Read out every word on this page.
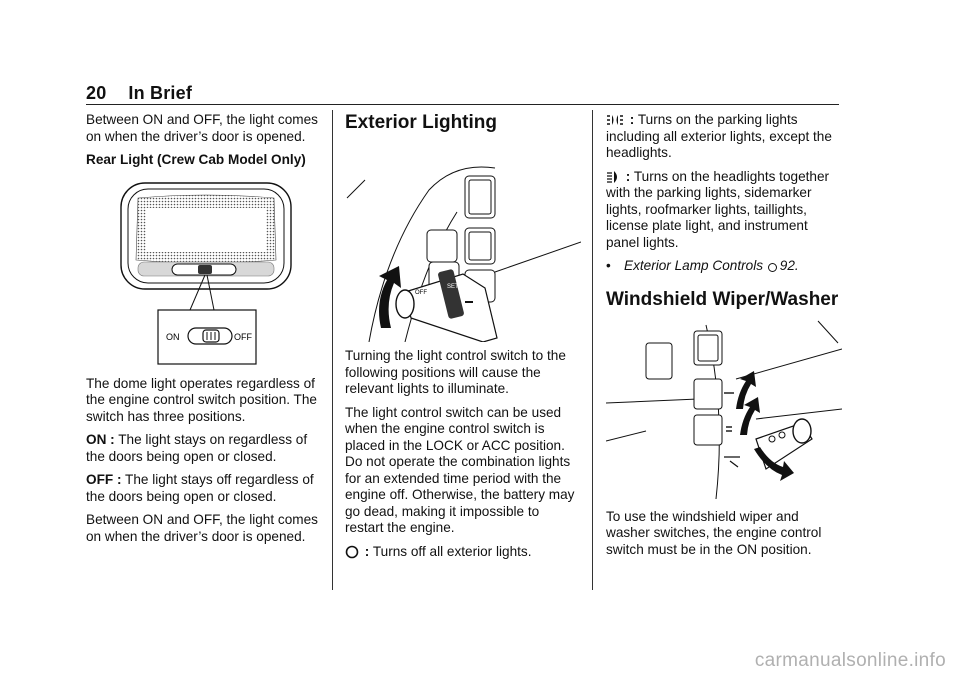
20 In Brief

Between ON and OFF, the light comes on when the driver’s door is opened.

Rear Light (Crew Cab Model Only)

ON	OFF

The dome light operates regardless of the engine control switch position. The switch has three positions.

ON : The light stays on regardless of the doors being open or closed.

OFF : The light stays off regardless of the doors being open or closed.

Between ON and OFF, the light comes on when the driver’s door is opened.

Exterior Lighting
OFF
SET

Turning the light control switch to the following positions will cause the relevant lights to illuminate.

The light control switch can be used when the engine control switch is placed in the LOCK or ACC position. Do not operate the combination lights for an extended time period with the engine off. Otherwise, the battery may go dead, making it impossible to restart the engine.

: Turns off all exterior lights.

: Turns on the parking lights including all exterior lights, except the headlights.

: Turns on the headlights together with the parking lights, sidemarker lights, roofmarker lights, taillights, license plate light, and instrument panel lights.

• Exterior Lamp Controls 92.

Windshield Wiper/Washer

To use the windshield wiper and washer switches, the engine control switch must be in the ON position.

carmanualsonline.info
